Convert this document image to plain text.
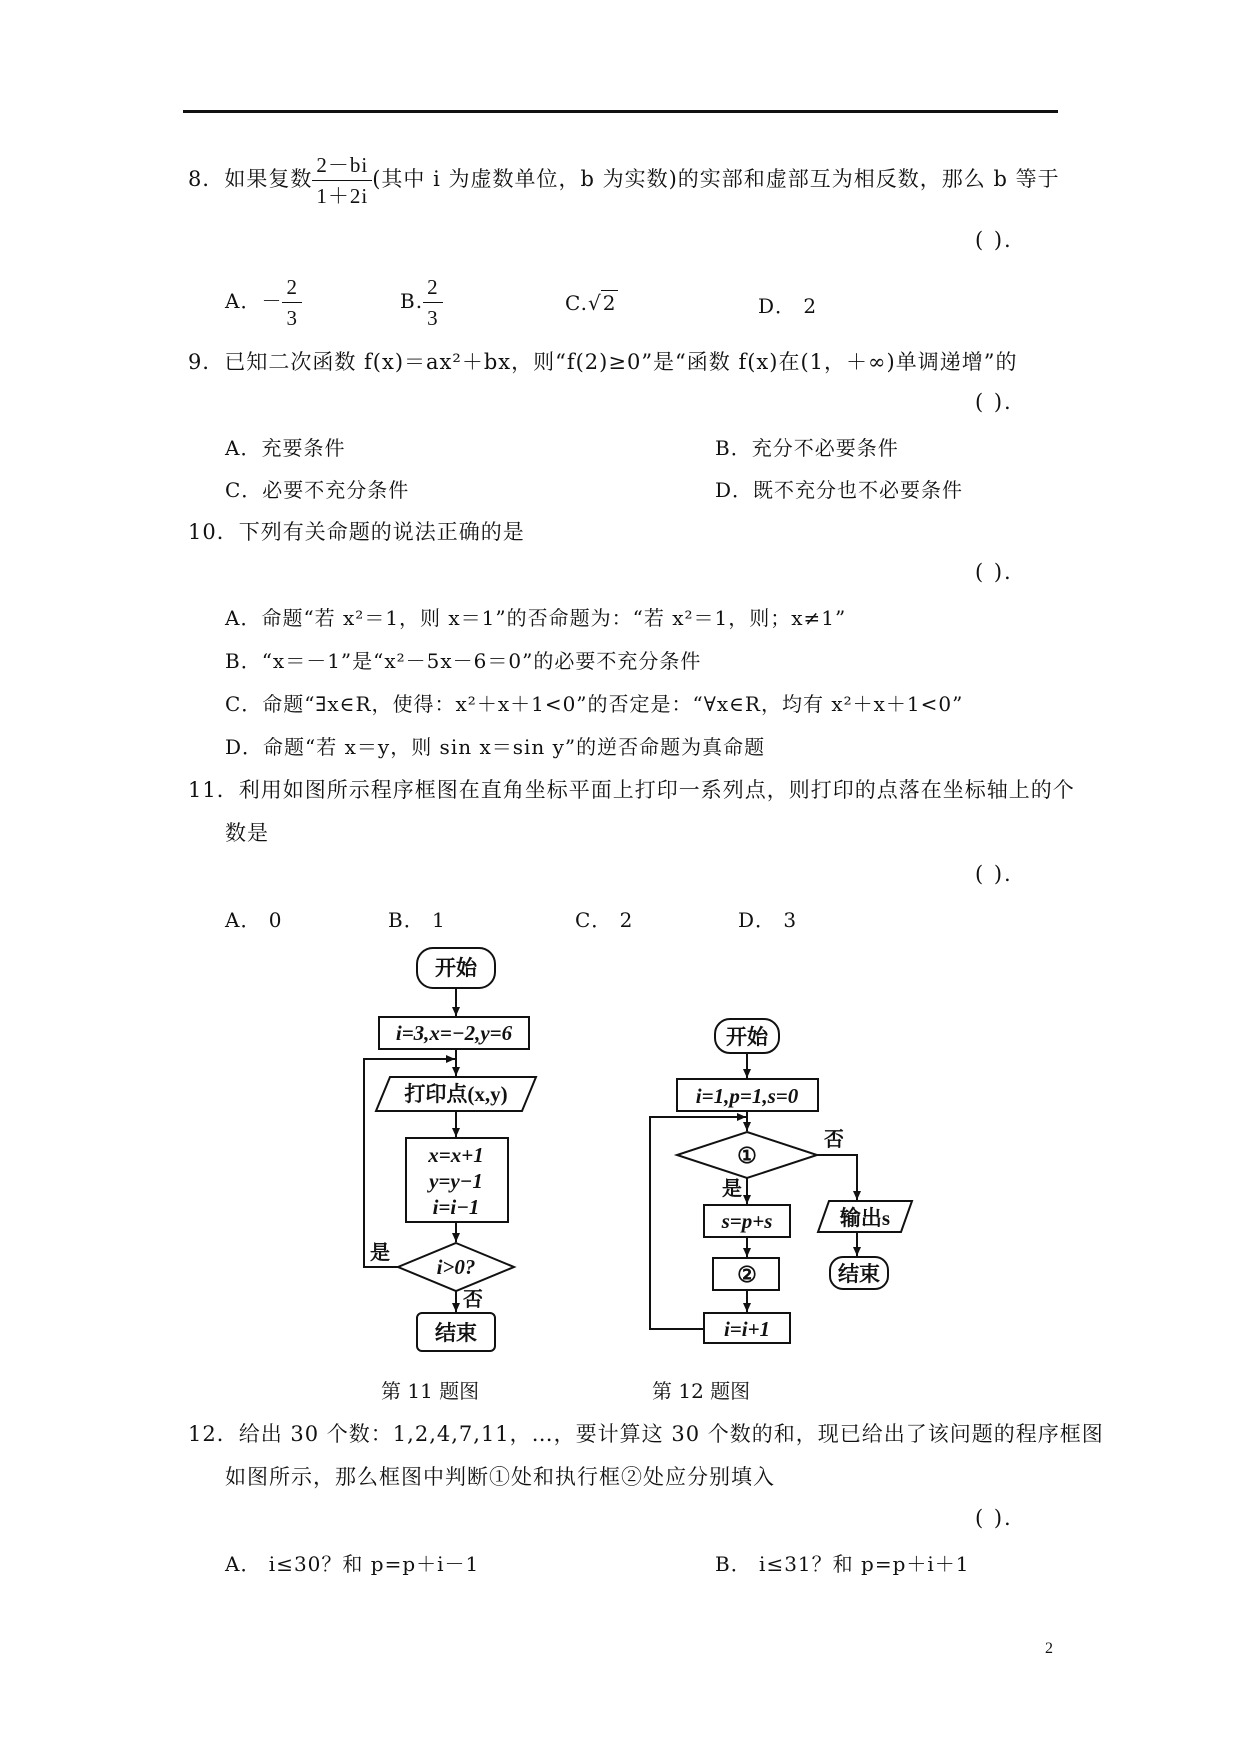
8．如果复数 $\frac{2-bi}{1+2i}$ (其中 i 为虚数单位，b 为实数)的实部和虚部互为相反数，那么 b 等于
( ).
A．－ $\frac{2}{3}$	B. $\frac{2}{3}$	C.√2	D． 2
9．已知二次函数 f(x)＝ax²＋bx，则“f(2)≥0”是“函数 f(x)在(1，＋∞)单调递增”的
( ).
A．充要条件	B．充分不必要条件
C．必要不充分条件	D．既不充分也不必要条件
10．下列有关命题的说法正确的是
( ).
A．命题“若 x²＝1，则 x＝1”的否命题为：“若 x²＝1，则；x≠1”
B．“x＝－1”是“x²－5x－6＝0”的必要不充分条件
C．命题“∃x∈R，使得：x²＋x＋1<0”的否定是：“∀x∈R，均有 x²＋x＋1<0”
D．命题“若 x＝y，则 sin x＝sin y”的逆否命题为真命题
11．利用如图所示程序框图在直角坐标平面上打印一系列点，则打印的点落在坐标轴上的个
数是
( ).
A． 0	B． 1	C． 2	D． 3
开始
i=3,x=−2,y=6
打印点(x,y)
x=x+1
y=y−1
i=i−1
i>0?
是
否
结束
开始
i=1,p=1,s=0
①
是
否
s=p+s
②
i=i+1
输出s
结束
第 11 题图	第 12 题图
12．给出 30 个数：1,2,4,7,11，…，要计算这 30 个数的和，现已给出了该问题的程序框图
如图所示，那么框图中判断①处和执行框②处应分别填入
( ).
A． i≤30？和 p=p＋i－1	B． i≤31？和 p=p＋i＋1
2
